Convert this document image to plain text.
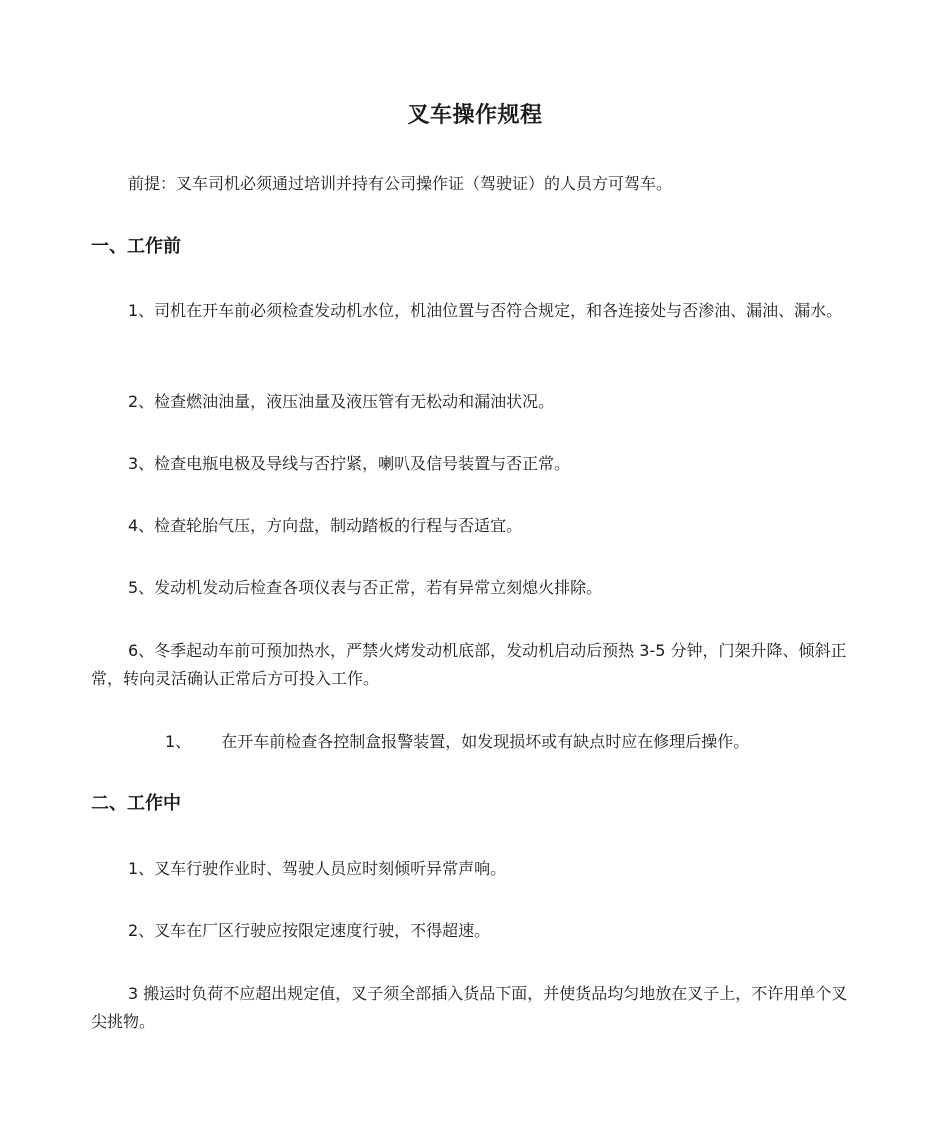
叉车操作规程
前提：叉车司机必须通过培训并持有公司操作证（驾驶证）的人员方可驾车。
一、工作前
1、司机在开车前必须检查发动机水位，机油位置与否符合规定，和各连接处与否渗油、漏油、漏水。
2、检查燃油油量，液压油量及液压管有无松动和漏油状况。
3、检查电瓶电极及导线与否拧紧，喇叭及信号装置与否正常。
4、检查轮胎气压，方向盘，制动踏板的行程与否适宜。
5、发动机发动后检查各项仪表与否正常，若有异常立刻熄火排除。
6、冬季起动车前可预加热水，严禁火烤发动机底部，发动机启动后预热 3-5 分钟，门架升降、倾斜正常，转向灵活确认正常后方可投入工作。
1、 在开车前检查各控制盒报警装置，如发现损坏或有缺点时应在修理后操作。
二、工作中
1、叉车行驶作业时、驾驶人员应时刻倾听异常声响。
2、叉车在厂区行驶应按限定速度行驶，不得超速。
3 搬运时负荷不应超出规定值，叉子须全部插入货品下面，并使货品均匀地放在叉子上，不许用单个叉尖挑物。
